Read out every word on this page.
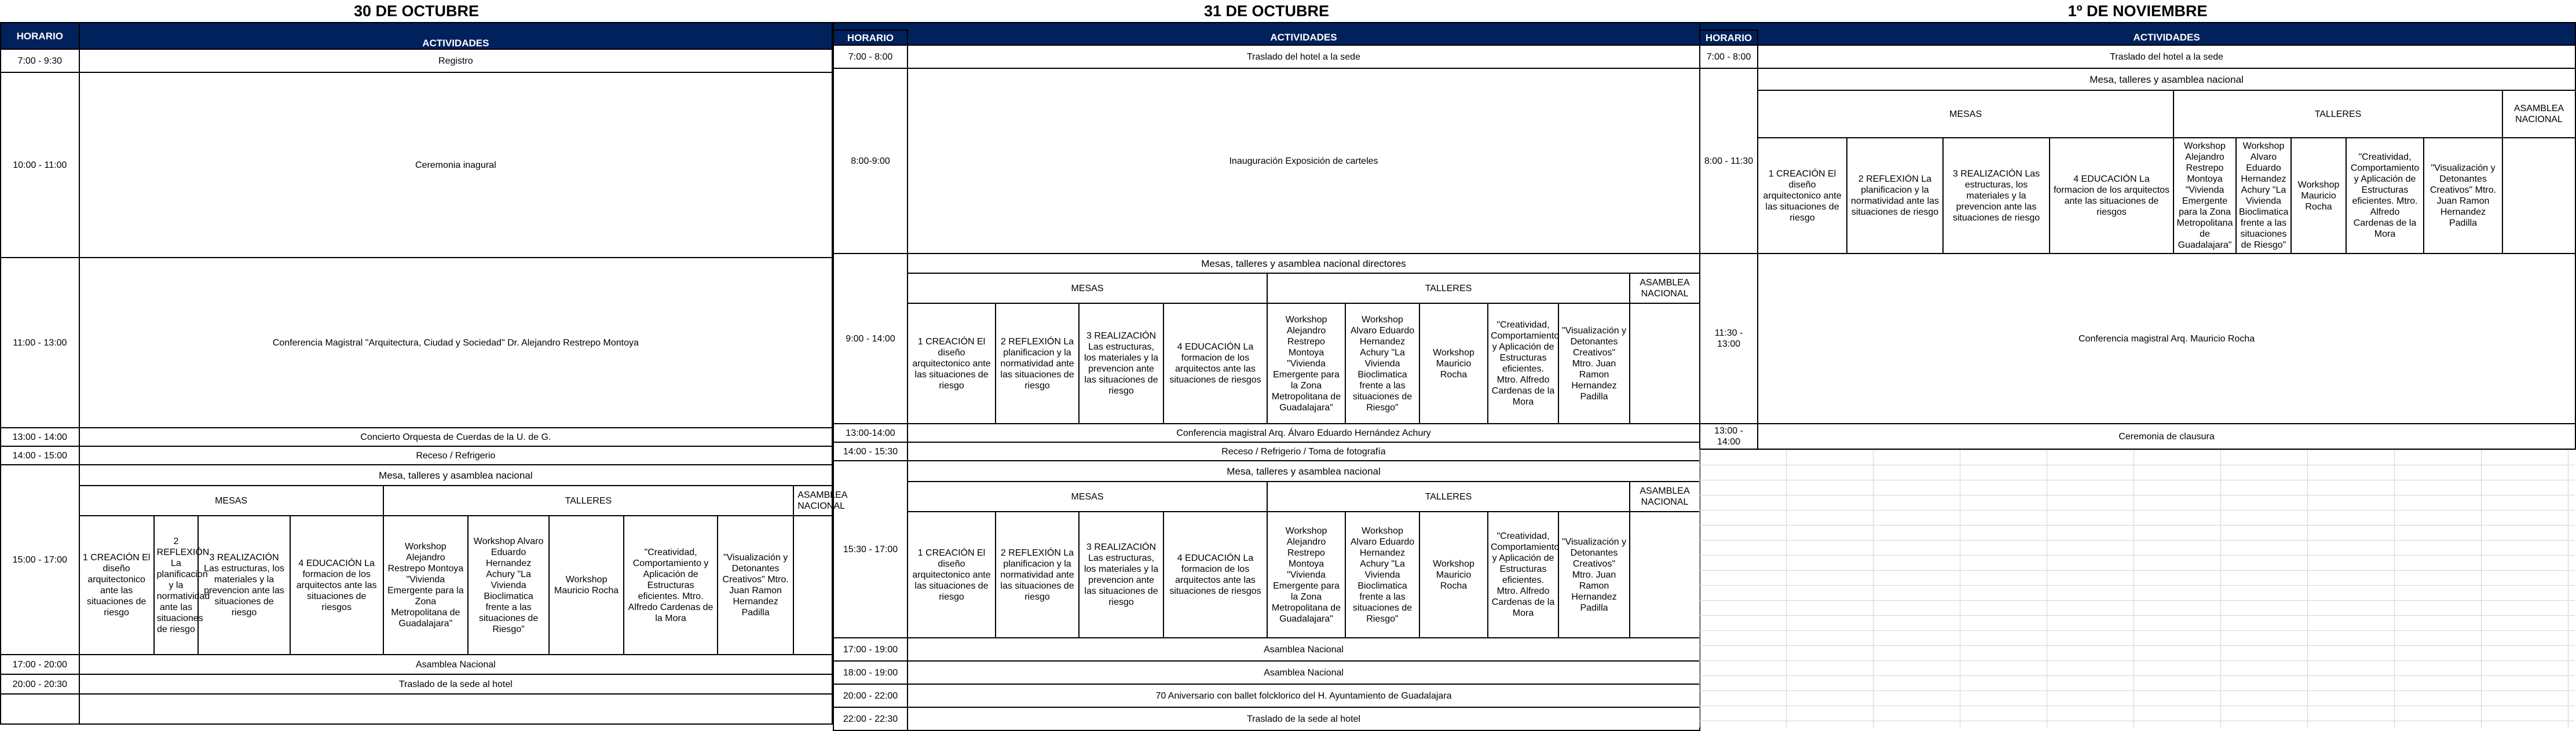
30 DE OCTUBRE										
HORARIO										
	ACTIVIDADES									
7:00 - 9:30	Registro									
10:00 - 11:00	Ceremonia inagural									
11:00 - 13:00	Conferencia Magistral "Arquitectura, Ciudad y Sociedad" Dr. Alejandro Restrepo Montoya									
13:00 - 14:00	Concierto Orquesta de Cuerdas de la U. de G.									
14:00 - 15:00	Receso / Refrigerio									
15:00 - 17:00	Mesa, talleres y asamblea nacional									
	MESAS				TALLERES					ASAMBLEA NACIONAL
	1 CREACIÓN El diseño arquitectonico ante las situaciones de riesgo	2 REFLEXIÓN La planificacion y la normatividad ante las situaciones de riesgo	3 REALIZACIÓN Las estructuras, los materiales y la prevencion ante las situaciones de riesgo	4 EDUCACIÓN La formacion de los arquitectos ante las situaciones de riesgos	Workshop Alejandro Restrepo Montoya "Vivienda Emergente para la Zona Metropolitana de Guadalajara"	Workshop Alvaro Eduardo Hernandez Achury "La Vivienda Bioclimatica frente a las situaciones de Riesgo"	Workshop Mauricio Rocha	"Creatividad, Comportamiento y Aplicación de Estructuras eficientes. Mtro. Alfredo Cardenas de la Mora	"Visualización y Detonantes Creativos" Mtro. Juan Ramon Hernandez Padilla	
17:00 - 20:00	Asamblea Nacional									
20:00 - 20:30	Traslado de la sede al hotel									

31 DE OCTUBRE										

HORARIO	ACTIVIDADES									
7:00 - 8:00	Traslado del hotel a la sede									
8:00-9:00	Inauguración Exposición de carteles									
9:00 - 14:00	Mesas, talleres y asamblea nacional directores									
	MESAS				TALLERES					ASAMBLEA NACIONAL
	1 CREACIÓN El diseño arquitectonico ante las situaciones de riesgo	2 REFLEXIÓN La planificacion y la normatividad ante las situaciones de riesgo	3 REALIZACIÓN Las estructuras, los materiales y la prevencion ante las situaciones de riesgo	4 EDUCACIÓN La formacion de los arquitectos ante las situaciones de riesgos	Workshop Alejandro Restrepo Montoya "Vivienda Emergente para la Zona Metropolitana de Guadalajara"	Workshop Alvaro Eduardo Hernandez Achury "La Vivienda Bioclimatica frente a las situaciones de Riesgo"	Workshop Mauricio Rocha	"Creatividad, Comportamiento y Aplicación de Estructuras eficientes. Mtro. Alfredo Cardenas de la Mora	"Visualización y Detonantes Creativos" Mtro. Juan Ramon Hernandez Padilla	
13:00-14:00	Conferencia magistral Arq. Álvaro Eduardo Hernández Achury									
14:00 - 15:30	Receso / Refrigerio / Toma de fotografía									
15:30 - 17:00	Mesa, talleres y asamblea nacional									
	MESAS				TALLERES					ASAMBLEA NACIONAL
	1 CREACIÓN El diseño arquitectonico ante las situaciones de riesgo	2 REFLEXIÓN La planificacion y la normatividad ante las situaciones de riesgo	3 REALIZACIÓN Las estructuras, los materiales y la prevencion ante las situaciones de riesgo	4 EDUCACIÓN La formacion de los arquitectos ante las situaciones de riesgos	Workshop Alejandro Restrepo Montoya "Vivienda Emergente para la Zona Metropolitana de Guadalajara"	Workshop Alvaro Eduardo Hernandez Achury "La Vivienda Bioclimatica frente a las situaciones de Riesgo"	Workshop Mauricio Rocha	"Creatividad, Comportamiento y Aplicación de Estructuras eficientes. Mtro. Alfredo Cardenas de la Mora	"Visualización y Detonantes Creativos" Mtro. Juan Ramon Hernandez Padilla	
17:00 - 19:00	Asamblea Nacional									
18:00 - 19:00	Asamblea Nacional									
20:00 - 22:00	70 Aniversario con ballet folcklorico del H. Ayuntamiento de Guadalajara									
22:00 - 22:30	Traslado de la sede al hotel									
1º DE NOVIEMBRE										

HORARIO	ACTIVIDADES									
7:00 - 8:00	Traslado del hotel a la sede									
8:00 - 11:30	Mesa, talleres y asamblea nacional									
	MESAS				TALLERES					ASAMBLEA NACIONAL
	1 CREACIÓN El diseño arquitectonico ante las situaciones de riesgo	2 REFLEXIÓN La planificacion y la normatividad ante las situaciones de riesgo	3 REALIZACIÓN Las estructuras, los materiales y la prevencion ante las situaciones de riesgo	4 EDUCACIÓN La formacion de los arquitectos ante las situaciones de riesgos	Workshop Alejandro Restrepo Montoya "Vivienda Emergente para la Zona Metropolitana de Guadalajara"	Workshop Alvaro Eduardo Hernandez Achury "La Vivienda Bioclimatica frente a las situaciones de Riesgo"	Workshop Mauricio Rocha	"Creatividad, Comportamiento y Aplicación de Estructuras eficientes. Mtro. Alfredo Cardenas de la Mora	"Visualización y Detonantes Creativos" Mtro. Juan Ramon Hernandez Padilla	
11:30 - 13:00	Conferencia magistral Arq. Mauricio Rocha									
13:00 - 14:00	Ceremonia de clausura									
